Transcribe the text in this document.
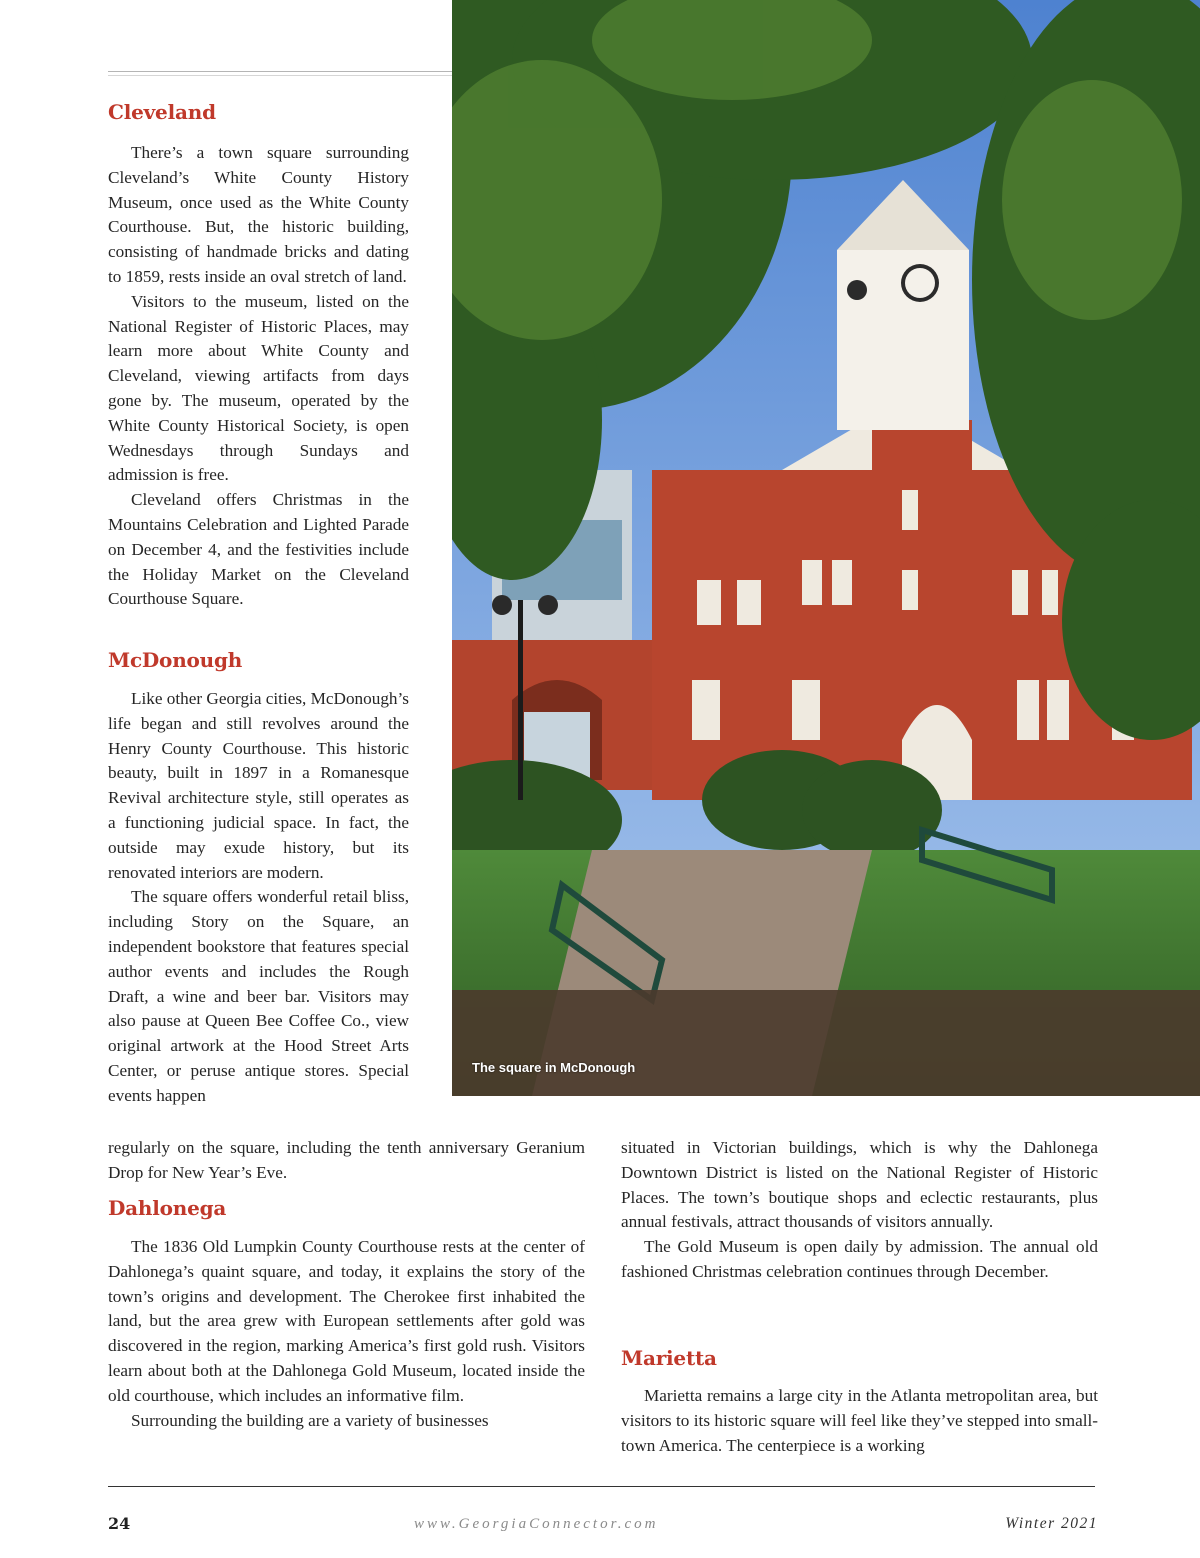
Cleveland

There’s a town square surrounding Cleveland’s White County History Museum, once used as the White County Courthouse. But, the historic building, consisting of handmade bricks and dating to 1859, rests inside an oval stretch of land.

Visitors to the museum, listed on the National Register of Historic Places, may learn more about White County and Cleveland, viewing artifacts from days gone by. The museum, operated by the White County Historical Society, is open Wednesdays through Sundays and admission is free.

Cleveland offers Christmas in the Mountains Celebration and Lighted Parade on December 4, and the festivities include the Holiday Market on the Cleveland Courthouse Square.

McDonough

Like other Georgia cities, McDonough’s life began and still revolves around the Henry County Courthouse. This historic beauty, built in 1897 in a Romanesque Revival architecture style, still operates as a functioning judicial space. In fact, the outside may exude history, but its renovated interiors are modern.

The square offers wonderful retail bliss, including Story on the Square, an independent bookstore that features special author events and includes the Rough Draft, a wine and beer bar. Visitors may also pause at Queen Bee Coffee Co., view original artwork at the Hood Street Arts Center, or peruse antique stores. Special events happen

regularly on the square, including the tenth anniversary Geranium Drop for New Year’s Eve.

Dahlonega

The 1836 Old Lumpkin County Courthouse rests at the center of Dahlonega’s quaint square, and today, it explains the story of the town’s origins and development. The Cherokee first inhabited the land, but the area grew with European settlements after gold was discovered in the region, marking America’s first gold rush. Visitors learn about both at the Dahlonega Gold Museum, located inside the old courthouse, which includes an informative film.

Surrounding the building are a variety of businesses

situated in Victorian buildings, which is why the Dahlonega Downtown District is listed on the National Register of Historic Places. The town’s boutique shops and eclectic restaurants, plus annual festivals, attract thousands of visitors annually.

The Gold Museum is open daily by admission. The annual old fashioned Christmas celebration continues through December.

Marietta

Marietta remains a large city in the Atlanta metropolitan area, but visitors to its historic square will feel like they’ve stepped into small-town America. The centerpiece is a working

The square in McDonough
24	www.GeorgiaConnector.com	Winter 2021
